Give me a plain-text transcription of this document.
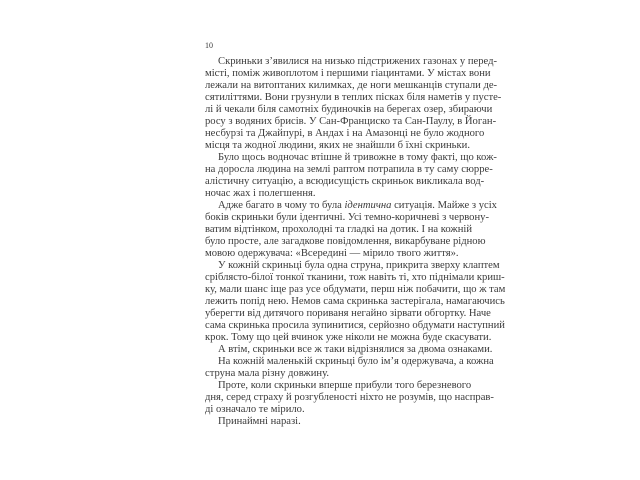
10
Скриньки з’явилися на низько підстрижених газонах у перед-
місті, поміж живоплотом і першими гіацинтами. У містах вони
лежали на витоптаних килимках, де ноги мешканців ступали де-
сятиліттями. Вони грузнули в теплих пісках біля наметів у пусте-
лі й чекали біля самотніх будиночків на берегах озер, збираючи
росу з водяних брисів. У Сан-Франциско та Сан-Паулу, в Йоган-
несбурзі та Джайпурі, в Андах і на Амазонці не було жодного
місця та жодної людини, яких не знайшли б їхні скриньки.
Було щось водночас втішне й тривожне в тому факті, що кож-
на доросла людина на землі раптом потрапила в ту саму сюрре-
алістичну ситуацію, а всюдисущість скриньок викликала вод-
ночас жах і полегшення.
Адже багато в чому то була ідентична ситуація. Майже з усіх
боків скриньки були ідентичні. Усі темно-коричневі з червону-
ватим відтінком, прохолодні та гладкі на дотик. І на кожній
було просте, але загадкове повідомлення, викарбуване рідною
мовою одержувача: «Всередині — мірило твого життя».
У кожній скриньці була одна струна, прикрита зверху клаптем
сріблясто-білої тонкої тканини, тож навіть ті, хто піднімали криш-
ку, мали шанс іще раз усе обдумати, перш ніж побачити, що ж там
лежить попід нею. Немов сама скринька застерігала, намагаючись
уберегти від дитячого пориваня негайно зірвати обгортку. Наче
сама скринька просила зупинитися, серйозно обдумати наступний
крок. Тому що цей вчинок уже ніколи не можна буде скасувати.
А втім, скриньки все ж таки відрізнялися за двома ознаками.
На кожній маленькій скриньці було ім’я одержувача, а кожна
струна мала різну довжину.
Проте, коли скриньки вперше прибули того березневого
дня, серед страху й розгубленості ніхто не розумів, що насправ-
ді означало те мірило.
Принаймні наразі.
